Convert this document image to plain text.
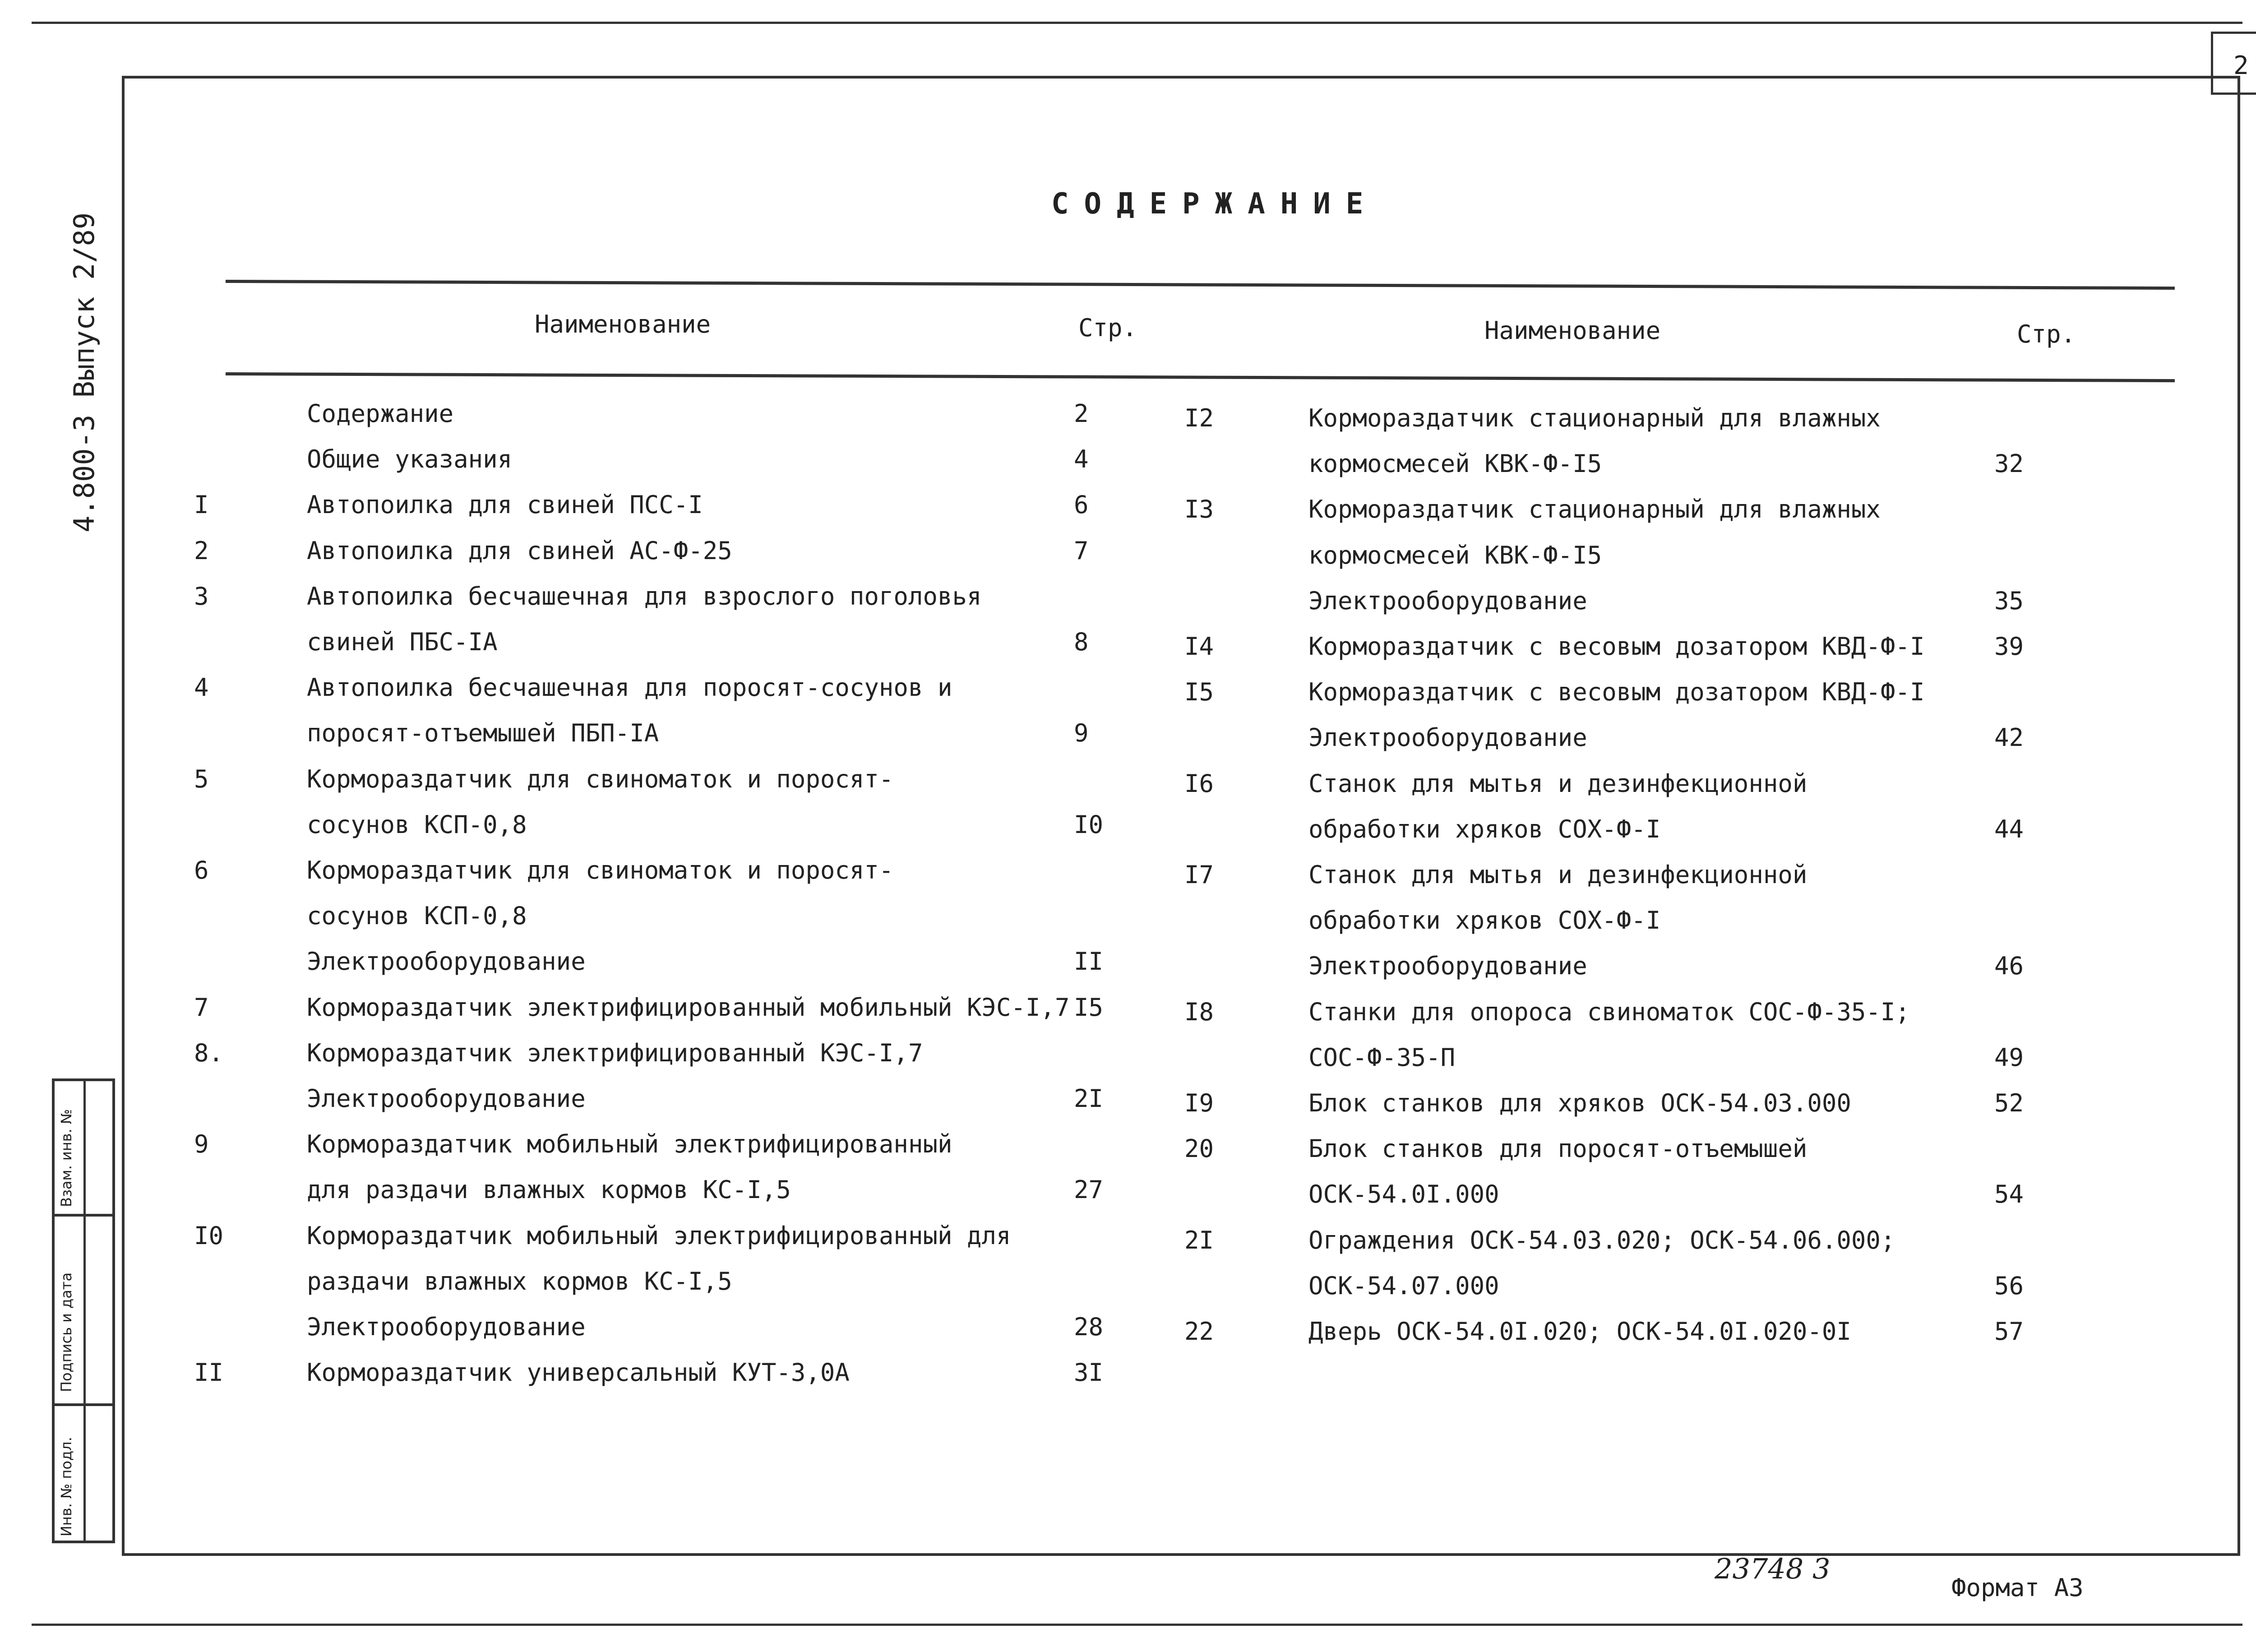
2
4.800-3 Выпуск 2/89
СОДЕРЖАНИЕ
Наименование	Стр.	Наименование	Стр.
Содержание	2
Общие указания	4
I	Автопоилка для свиней ПСС-I	6
2	Автопоилка для свиней АС-Ф-25	7
3	Автопоилка бесчашечная для взрослого поголовья
свиней ПБС-IА	8
4	Автопоилка бесчашечная для поросят-сосунов и
поросят-отъемышей ПБП-IА	9
5	Кормораздатчик для свиноматок и поросят-
сосунов КСП-0,8	I0
6	Кормораздатчик для свиноматок и поросят-
сосунов КСП-0,8
Электрооборудование	II
7	Кормораздатчик электрифицированный мобильный КЭС-I,7 I5
8.	Кормораздатчик электрифицированный КЭС-I,7
Электрооборудование	2I
9	Кормораздатчик мобильный электрифицированный
для раздачи влажных кормов КС-I,5	27
I0	Кормораздатчик мобильный электрифицированный для
раздачи влажных кормов КС-I,5
Электрооборудование	28
II	Кормораздатчик универсальный КУТ-3,0А	3I
I2	Кормораздатчик стационарный для влажных
кормосмесей КВК-Ф-I5	32
I3	Кормораздатчик стационарный для влажных
кормосмесей КВК-Ф-I5
Электрооборудование	35
I4	Кормораздатчик с весовым дозатором КВД-Ф-I	39
I5	Кормораздатчик с весовым дозатором КВД-Ф-I
Электрооборудование	42
I6	Станок для мытья и дезинфекционной
обработки хряков СОХ-Ф-I	44
I7	Станок для мытья и дезинфекционной
обработки хряков СОХ-Ф-I
Электрооборудование	46
I8	Станки для опороса свиноматок СОС-Ф-35-I;
СОС-Ф-35-П	49
I9	Блок станков для хряков ОСК-54.03.000	52
20	Блок станков для поросят-отъемышей
ОСК-54.0I.000	54
2I	Ограждения ОСК-54.03.020; ОСК-54.06.000;
ОСК-54.07.000	56
22	Дверь ОСК-54.0I.020; ОСК-54.0I.020-0I	57
23748 3
Формат А3
Взам. инв. №
Подпись и дата
Инв. № подл.
